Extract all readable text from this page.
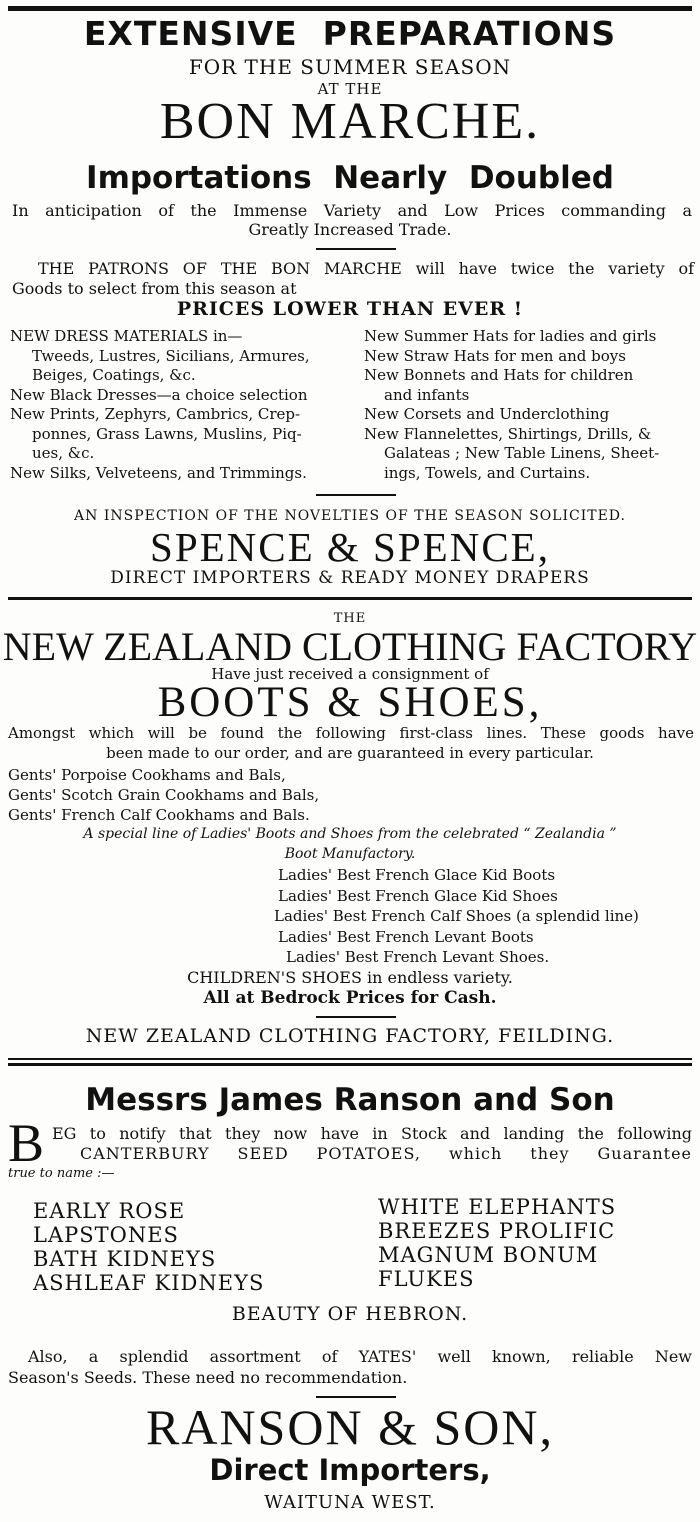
EXTENSIVE  PREPARATIONS
FOR THE SUMMER SEASON
AT THE
BON MARCHE.
Importations  Nearly  Doubled
In anticipation of the Immense Variety and Low Prices commanding a
Greatly Increased Trade.
THE PATRONS OF THE BON MARCHE will have twice the variety of
Goods to select from this season at
PRICES LOWER THAN EVER !
NEW DRESS MATERIALS in—
Tweeds, Lustres, Sicilians, Armures,
Beiges, Coatings, &c.
New Black Dresses—a choice selection
New Prints, Zephyrs, Cambrics, Crep-
ponnes, Grass Lawns, Muslins, Piq-
ues, &c.
New Silks, Velveteens, and Trimmings.
New Summer Hats for ladies and girls
New Straw Hats for men and boys
New Bonnets and Hats for children
and infants
New Corsets and Underclothing
New Flannelettes, Shirtings, Drills, &
Galateas ; New Table Linens, Sheet-
ings, Towels, and Curtains.
AN INSPECTION OF THE NOVELTIES OF THE SEASON SOLICITED.
SPENCE & SPENCE,
DIRECT IMPORTERS & READY MONEY DRAPERS
THE
NEW ZEALAND CLOTHING FACTORY
Have just received a consignment of
BOOTS & SHOES,
Amongst which will be found the following first-class lines. These goods have
been made to our order, and are guaranteed in every particular.
Gents' Porpoise Cookhams and Bals,
Gents' Scotch Grain Cookhams and Bals,
Gents' French Calf Cookhams and Bals.
A special line of Ladies' Boots and Shoes from the celebrated “ Zealandia ”
Boot Manufactory.
Ladies' Best French Glace Kid Boots
Ladies' Best French Glace Kid Shoes
Ladies' Best French Calf Shoes (a splendid line)
Ladies' Best French Levant Boots
Ladies' Best French Levant Shoes.
CHILDREN'S SHOES in endless variety.
All at Bedrock Prices for Cash.
NEW ZEALAND CLOTHING FACTORY, FEILDING.
Messrs James Ranson and Son
B EG to notify that they now have in Stock and landing the following
CANTERBURY SEED POTATOES, which they Guarantee
true to name :—
EARLY ROSE
LAPSTONES
BATH KIDNEYS
ASHLEAF KIDNEYS
WHITE ELEPHANTS
BREEZES PROLIFIC
MAGNUM BONUM
FLUKES
BEAUTY OF HEBRON.
Also, a splendid assortment of YATES' well known, reliable New
Season's Seeds. These need no recommendation.
RANSON & SON,
Direct Importers,
WAITUNA WEST.
